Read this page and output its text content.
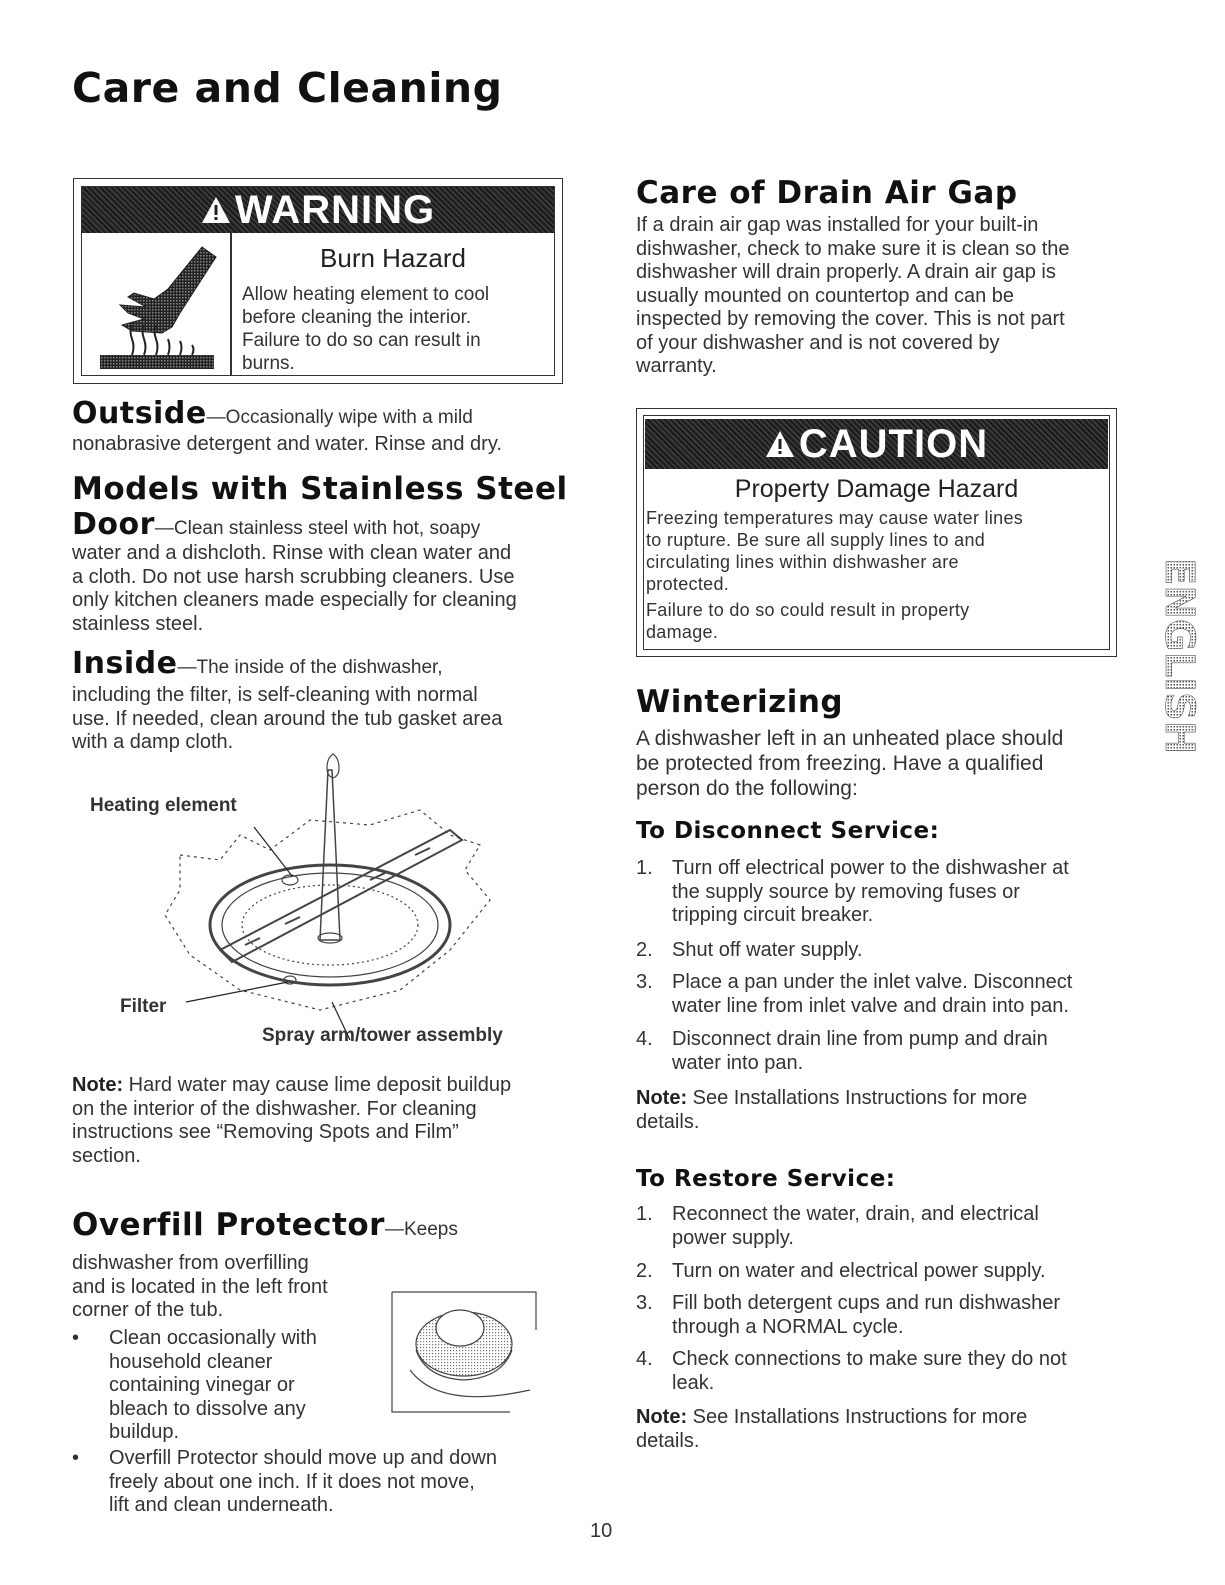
Care and Cleaning
WARNING
Burn Hazard
Allow heating element to cool
before cleaning the interior.
Failure to do so can result in
burns.
Outside—Occasionally wipe with a mild
nonabrasive detergent and water. Rinse and dry.
Models with Stainless Steel
Door—Clean stainless steel with hot, soapy
water and a dishcloth. Rinse with clean water and
a cloth. Do not use harsh scrubbing cleaners. Use
only kitchen cleaners made especially for cleaning
stainless steel.
Inside—The inside of the dishwasher,
including the filter, is self-cleaning with normal
use. If needed, clean around the tub gasket area
with a damp cloth.
Heating element
Filter
Spray arm/tower assembly
Note: Hard water may cause lime deposit buildup
on the interior of the dishwasher. For cleaning
instructions see “Removing Spots and Film”
section.
Overfill Protector—Keeps
dishwasher from overfilling
and is located in the left front
corner of the tub.
• Clean occasionally with
household cleaner
containing vinegar or
bleach to dissolve any
buildup.
• Overfill Protector should move up and down
freely about one inch. If it does not move,
lift and clean underneath.
Care of Drain Air Gap
If a drain air gap was installed for your built-in
dishwasher, check to make sure it is clean so the
dishwasher will drain properly. A drain air gap is
usually mounted on countertop and can be
inspected by removing the cover. This is not part
of your dishwasher and is not covered by
warranty.
CAUTION
Property Damage Hazard
Freezing temperatures may cause water lines
to rupture. Be sure all supply lines to and
circulating lines within dishwasher are
protected.
Failure to do so could result in property
damage.
Winterizing
A dishwasher left in an unheated place should
be protected from freezing. Have a qualified
person do the following:
To Disconnect Service:
1. Turn off electrical power to the dishwasher at
the supply source by removing fuses or
tripping circuit breaker.
2. Shut off water supply.
3. Place a pan under the inlet valve. Disconnect
water line from inlet valve and drain into pan.
4. Disconnect drain line from pump and drain
water into pan.
Note: See Installations Instructions for more
details.
To Restore Service:
1. Reconnect the water, drain, and electrical
power supply.
2. Turn on water and electrical power supply.
3. Fill both detergent cups and run dishwasher
through a NORMAL cycle.
4. Check connections to make sure they do not
leak.
Note: See Installations Instructions for more
details.
ENGLISH
10
